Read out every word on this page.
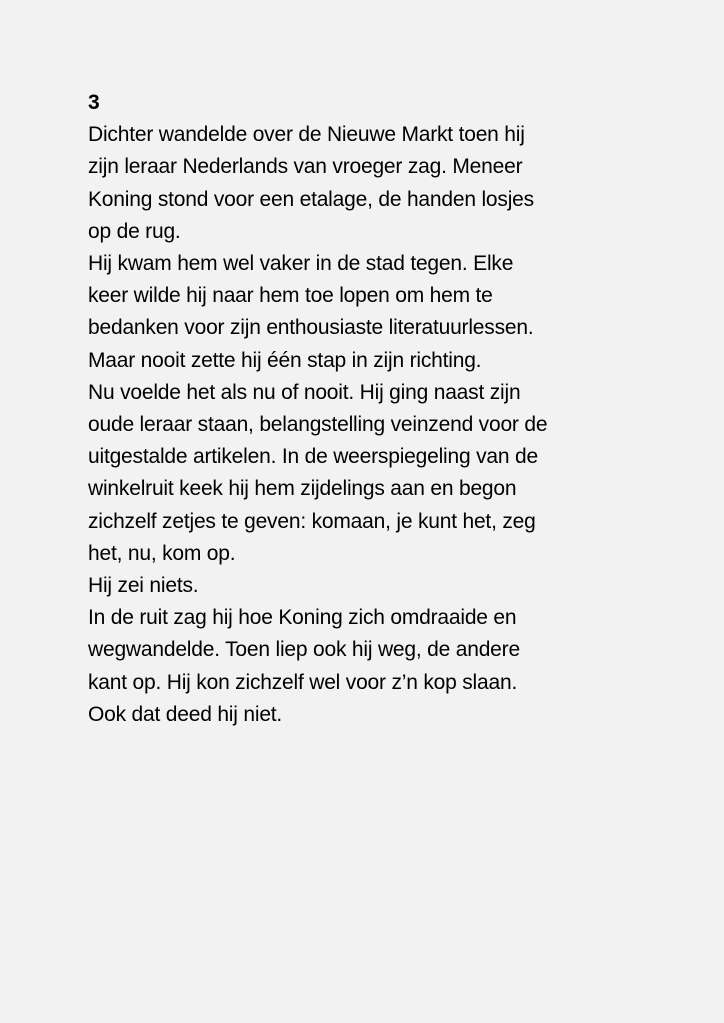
3
Dichter wandelde over de Nieuwe Markt toen hij
zijn leraar Nederlands van vroeger zag. Meneer
Koning stond voor een etalage, de handen losjes
op de rug.
Hij kwam hem wel vaker in de stad tegen. Elke
keer wilde hij naar hem toe lopen om hem te
bedanken voor zijn enthousiaste literatuurlessen.
Maar nooit zette hij één stap in zijn richting.
Nu voelde het als nu of nooit. Hij ging naast zijn
oude leraar staan, belangstelling veinzend voor de
uitgestalde artikelen. In de weerspiegeling van de
winkelruit keek hij hem zijdelings aan en begon
zichzelf zetjes te geven: komaan, je kunt het, zeg
het, nu, kom op.
Hij zei niets.
In de ruit zag hij hoe Koning zich omdraaide en
wegwandelde. Toen liep ook hij weg, de andere
kant op. Hij kon zichzelf wel voor z’n kop slaan.
Ook dat deed hij niet.
